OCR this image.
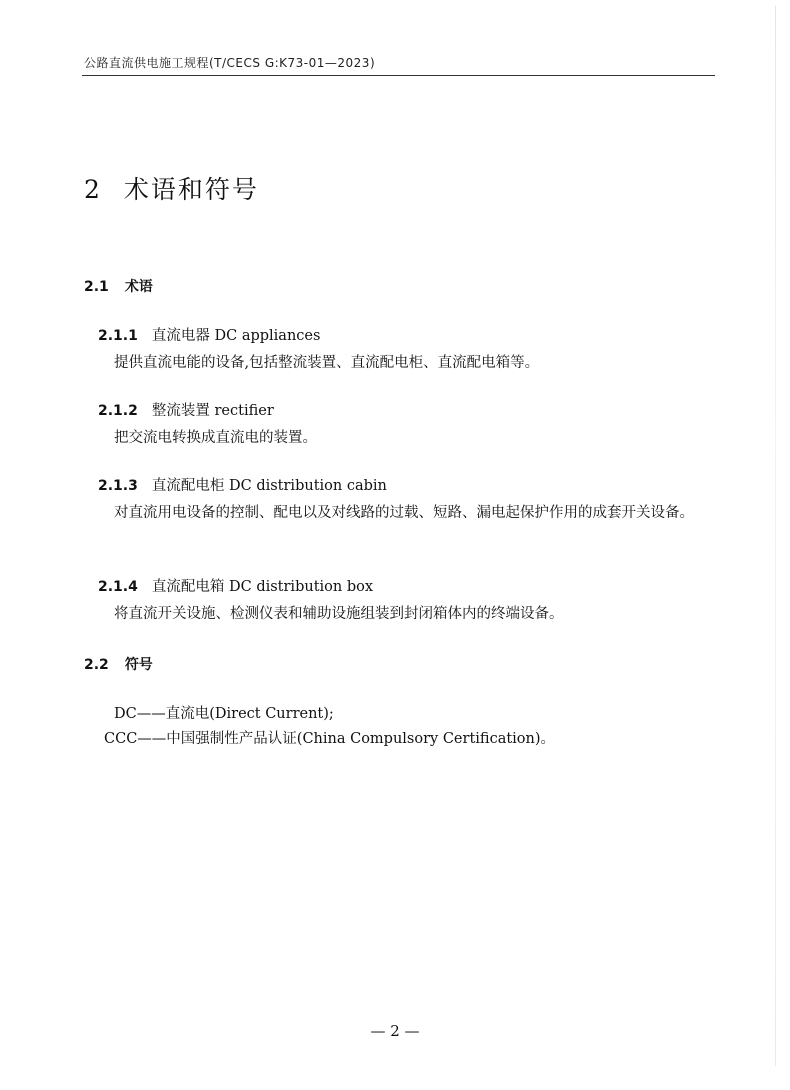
公路直流供电施工规程(T/CECS G:K73-01—2023)
2 术语和符号
2.1 术语
2.1.1 直流电器 DC appliances

提供直流电能的设备,包括整流装置、直流配电柜、直流配电箱等。

2.1.2 整流装置 rectifier

把交流电转换成直流电的装置。

2.1.3 直流配电柜 DC distribution cabin

对直流用电设备的控制、配电以及对线路的过载、短路、漏电起保护作用的成套开关设备。

2.1.4 直流配电箱 DC distribution box

将直流开关设施、检测仪表和辅助设施组装到封闭箱体内的终端设备。

2.2 符号
DC——直流电(Direct Current);
CCC——中国强制性产品认证(China Compulsory Certification)。
— 2 —
